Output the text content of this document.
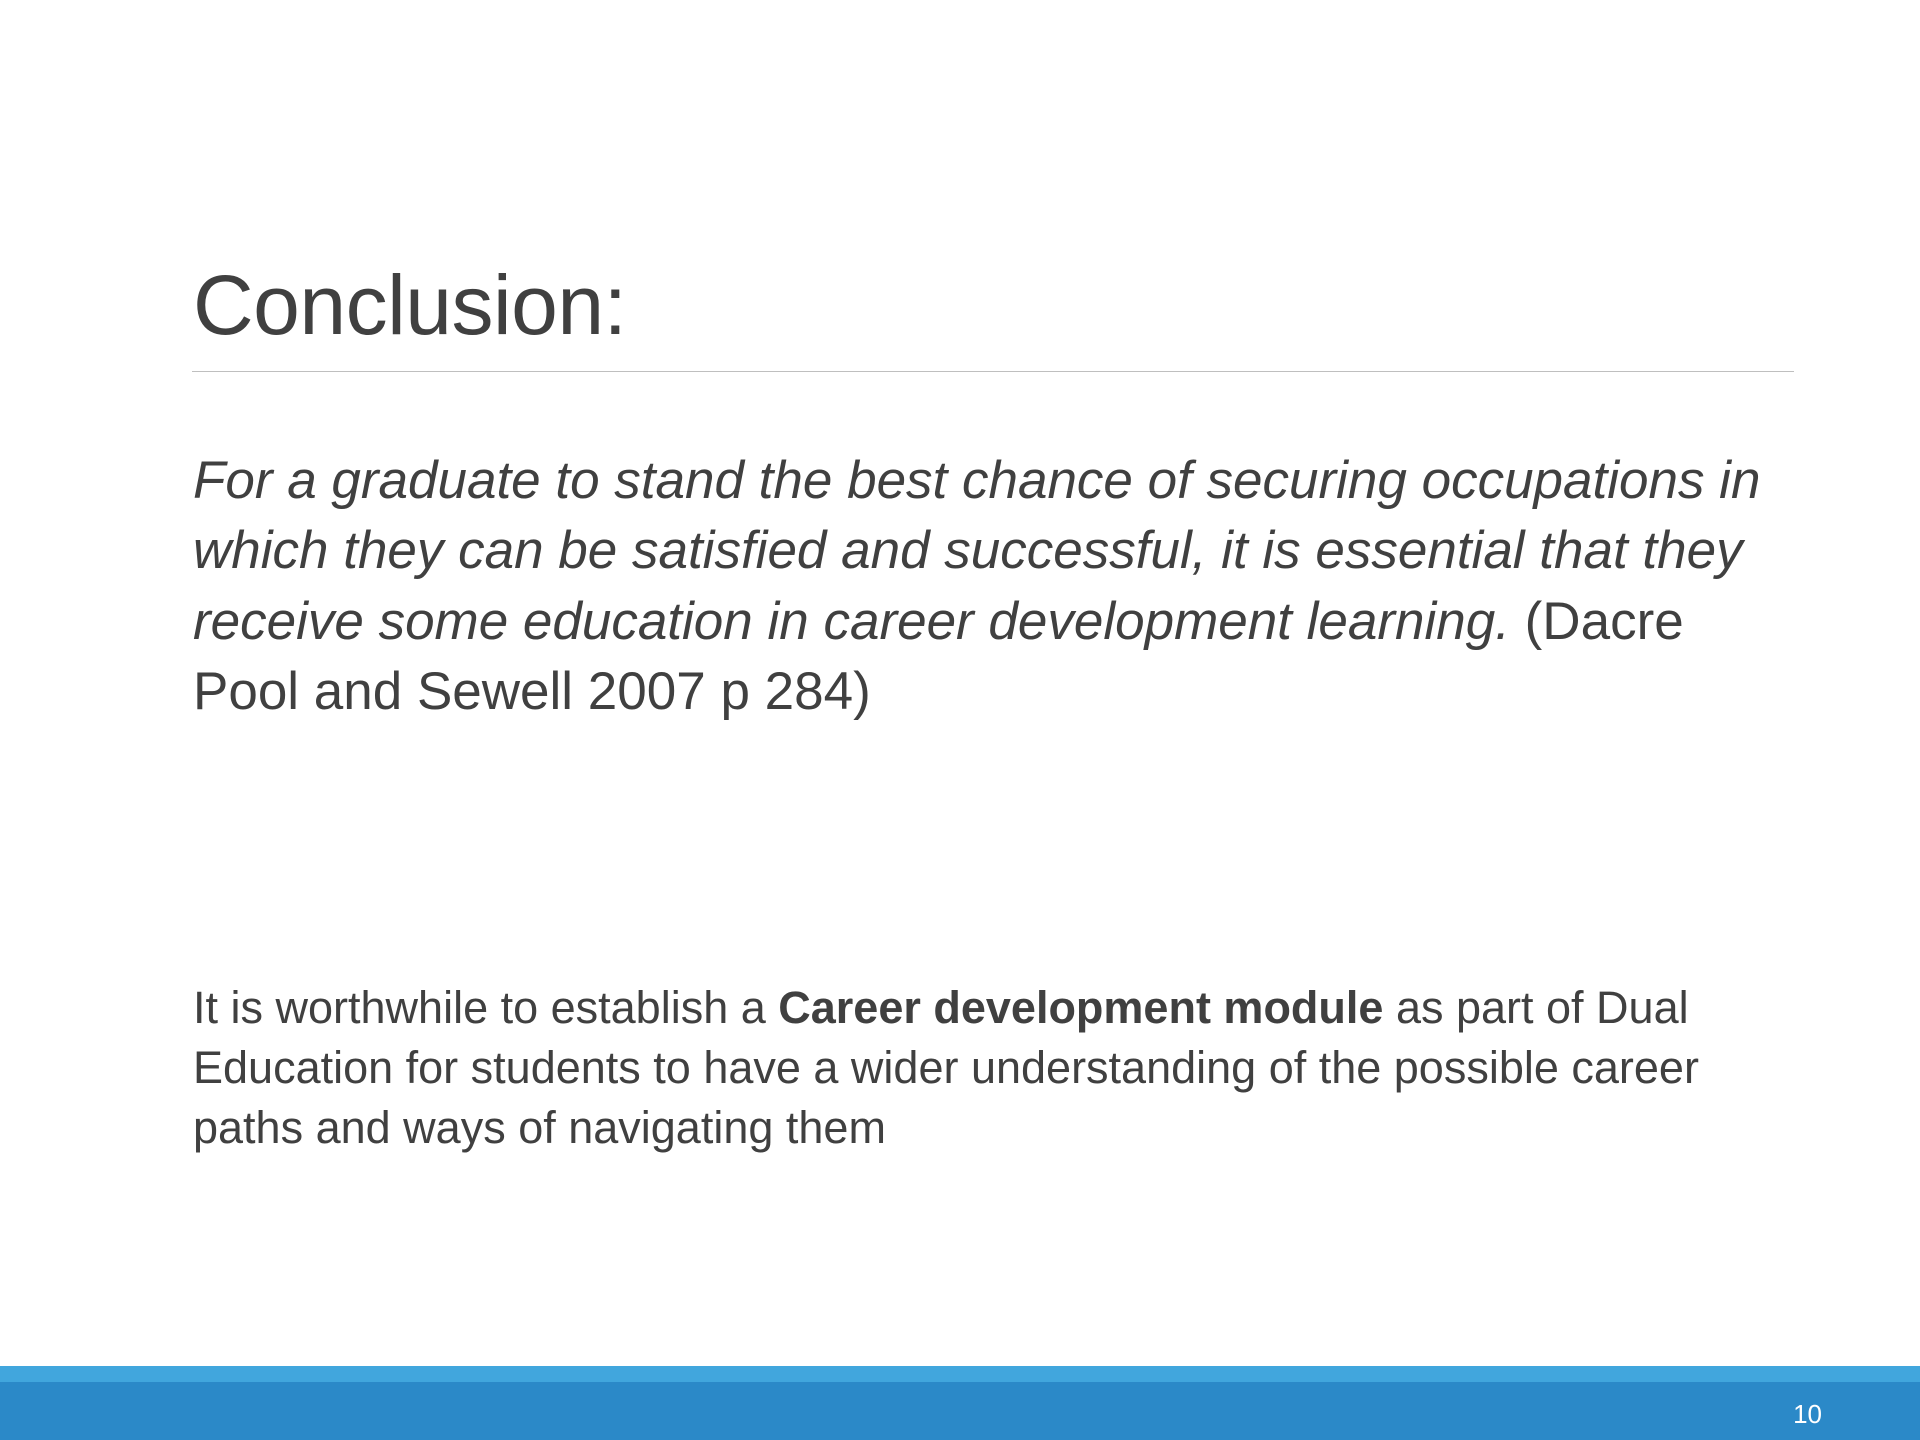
Conclusion:

For a graduate to stand the best chance of securing occupations in which they can be satisfied and successful, it is essential that they receive some education in career development learning. (Dacre Pool and Sewell 2007 p 284)

It is worthwhile to establish a Career development module as part of Dual Education for students to have a wider understanding of the possible career paths and ways of navigating them

10
